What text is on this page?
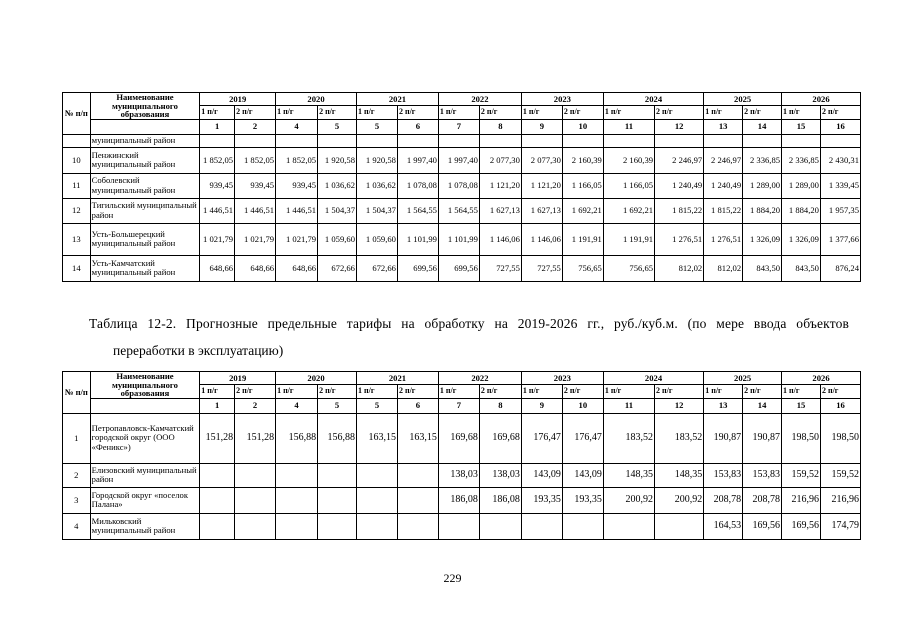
№ п/п	Наименование муниципального образования	2019		2020		2021		2022		2023		2024		2025		2026	
		1 п/г	2 п/г	1 п/г	2 п/г	1 п/г	2 п/г	1 п/г	2 п/г	1 п/г	2 п/г	1 п/г	2 п/г	1 п/г	2 п/г	1 п/г	2 п/г
		1	2	4	5	5	6	7	8	9	10	11	12	13	14	15	16
	муниципальный район																
10	Пенжинский муниципальный район	1 852,05	1 852,05	1 852,05	1 920,58	1 920,58	1 997,40	1 997,40	2 077,30	2 077,30	2 160,39	2 160,39	2 246,97	2 246,97	2 336,85	2 336,85	2 430,31
11	Соболевский муниципальный район	939,45	939,45	939,45	1 036,62	1 036,62	1 078,08	1 078,08	1 121,20	1 121,20	1 166,05	1 166,05	1 240,49	1 240,49	1 289,00	1 289,00	1 339,45
12	Тигильский муниципальный район	1 446,51	1 446,51	1 446,51	1 504,37	1 504,37	1 564,55	1 564,55	1 627,13	1 627,13	1 692,21	1 692,21	1 815,22	1 815,22	1 884,20	1 884,20	1 957,35
13	Усть-Большерецкий муниципальный район	1 021,79	1 021,79	1 021,79	1 059,60	1 059,60	1 101,99	1 101,99	1 146,06	1 146,06	1 191,91	1 191,91	1 276,51	1 276,51	1 326,09	1 326,09	1 377,66
14	Усть-Камчатский муниципальный район	648,66	648,66	648,66	672,66	672,66	699,56	699,56	727,55	727,55	756,65	756,65	812,02	812,02	843,50	843,50	876,24
Таблица 12-2. Прогнозные предельные тарифы на обработку на 2019-2026 гг., руб./куб.м. (по мере ввода объектов
переработки в эксплуатацию)
№ п/п	Наименование муниципального образования	2019		2020		2021		2022		2023		2024		2025		2026	
		1 п/г	2 п/г	1 п/г	2 п/г	1 п/г	2 п/г	1 п/г	2 п/г	1 п/г	2 п/г	1 п/г	2 п/г	1 п/г	2 п/г	1 п/г	2 п/г
		1	2	4	5	5	6	7	8	9	10	11	12	13	14	15	16
1	Петропавловск-Камчатский городской округ (ООО «Феникс»)	151,28	151,28	156,88	156,88	163,15	163,15	169,68	169,68	176,47	176,47	183,52	183,52	190,87	190,87	198,50	198,50
2	Елизовский муниципальный район							138,03	138,03	143,09	143,09	148,35	148,35	153,83	153,83	159,52	159,52
3	Городской округ «поселок Палана»							186,08	186,08	193,35	193,35	200,92	200,92	208,78	208,78	216,96	216,96
4	Мильковский муниципальный район													164,53	169,56	169,56	174,79
229
